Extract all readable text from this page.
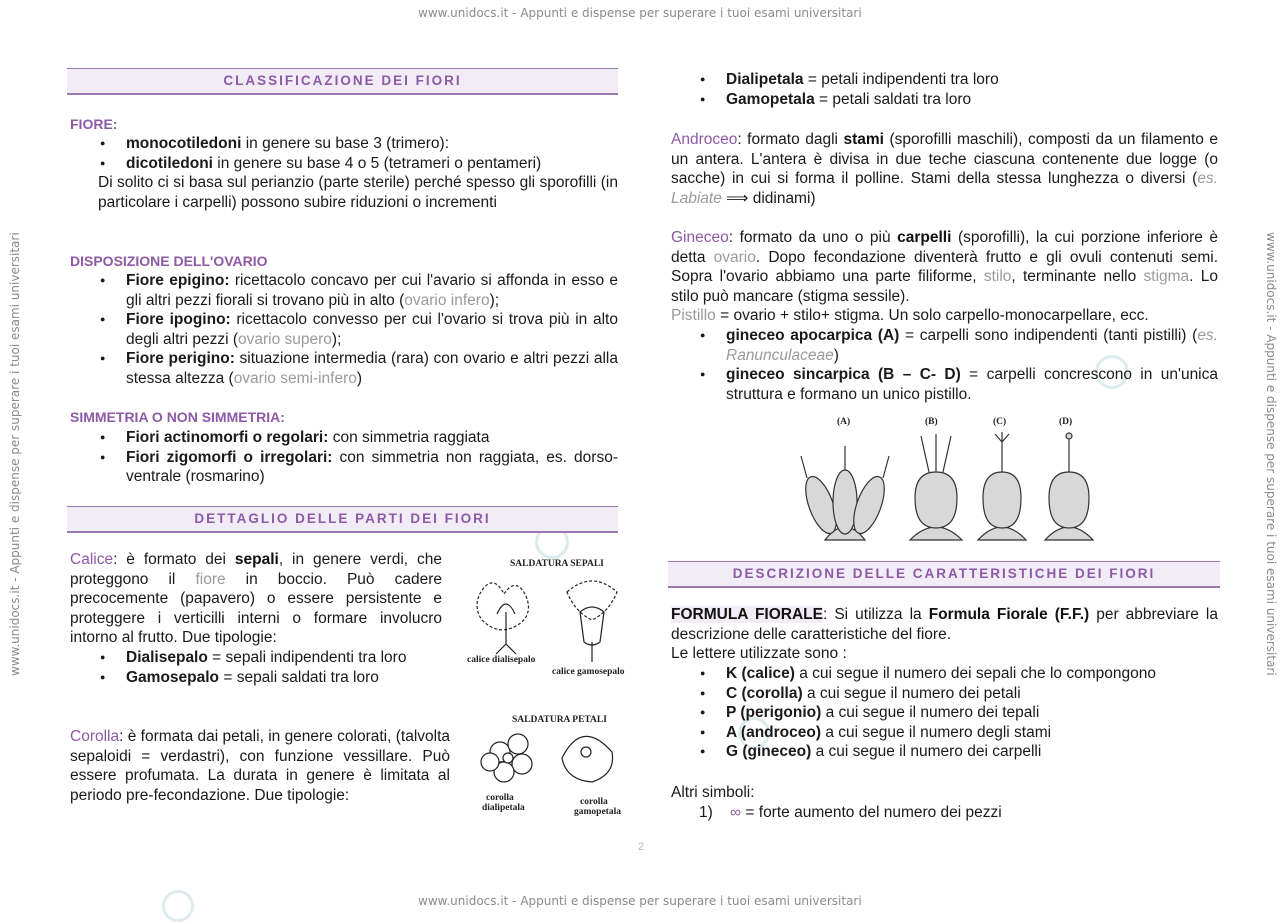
www.unidocs.it - Appunti e dispense per superare i tuoi esami universitari
www.unidocs.it - Appunti e dispense per superare i tuoi esami universitari
www.unidocs.it - Appunti e dispense per superare i tuoi esami universitari	www.unidocs.it - Appunti e dispense per superare i tuoi esami universitari
CLASSIFICAZIONE DEI FIORI
FIORE:
● monocotiledoni in genere su base 3 (trimero):
● dicotiledoni in genere su base 4 o 5 (tetrameri o pentameri)
Di solito ci si basa sul perianzio (parte sterile) perché spesso gli sporofilli (in particolare i carpelli) possono subire riduzioni o incrementi
DISPOSIZIONE DELL'OVARIO
● Fiore epigino: ricettacolo concavo per cui l'avario si affonda in esso e gli altri pezzi fiorali si trovano più in alto (ovario infero);
● Fiore ipogino: ricettacolo convesso per cui l'ovario si trova più in alto degli altri pezzi (ovario supero);
● Fiore perigino: situazione intermedia (rara) con ovario e altri pezzi alla stessa altezza (ovario semi-infero)
SIMMETRIA O NON SIMMETRIA:
● Fiori actinomorfi o regolari: con simmetria raggiata
● Fiori zigomorfi o irregolari: con simmetria non raggiata, es. dorso-ventrale (rosmarino)
DETTAGLIO DELLE PARTI DEI FIORI
Calice: è formato dei sepali, in genere verdi, che proteggono il fiore in boccio. Può cadere precocemente (papavero) o essere persistente e proteggere i verticilli interni o formare involucro intorno al frutto. Due tipologie:
● Dialisepalo = sepali indipendenti tra loro
● Gamosepalo = sepali saldati tra loro
Corolla: è formata dai petali, in genere colorati, (talvolta sepaloidi = verdastri), con funzione vessillare. Può essere profumata. La durata in genere è limitata al periodo pre-fecondazione. Due tipologie:
SALDATURA SEPALI
calice dialisepalo
calice gamosepalo
SALDATURA PETALI
corolla
dialipetala
corolla
gamopetala
● Dialipetala = petali indipendenti tra loro
● Gamopetala = petali saldati tra loro
Androceo: formato dagli stami (sporofilli maschili), composti da un filamento e un antera. L'antera è divisa in due teche ciascuna contenente due logge (o sacche) in cui si forma il polline. Stami della stessa lunghezza o diversi (es. Labiate ⟹ didinami)
Gineceo: formato da uno o più carpelli (sporofilli), la cui porzione inferiore è detta ovario. Dopo fecondazione diventerà frutto e gli ovuli contenuti semi. Sopra l'ovario abbiamo una parte filiforme, stilo, terminante nello stigma. Lo stilo può mancare (stigma sessile).
Pistillo = ovario + stilo+ stigma. Un solo carpello-monocarpellare, ecc.
● gineceo apocarpica (A) = carpelli sono indipendenti (tanti pistilli) (es. Ranunculaceae)
● gineceo sincarpica (B – C- D) = carpelli concrescono in un'unica struttura e formano un unico pistillo.
(A)	(B)	(C)	(D)
DESCRIZIONE DELLE CARATTERISTICHE DEI FIORI
FORMULA FIORALE: Si utilizza la Formula Fiorale (F.F.) per abbreviare la descrizione delle caratteristiche del fiore.
Le lettere utilizzate sono :
● K (calice) a cui segue il numero dei sepali che lo compongono
● C (corolla) a cui segue il numero dei petali
● P (perigonio) a cui segue il numero dei tepali
● A (androceo) a cui segue il numero degli stami
● G (gineceo) a cui segue il numero dei carpelli
Altri simboli:
1) ∞ = forte aumento del numero dei pezzi
2
